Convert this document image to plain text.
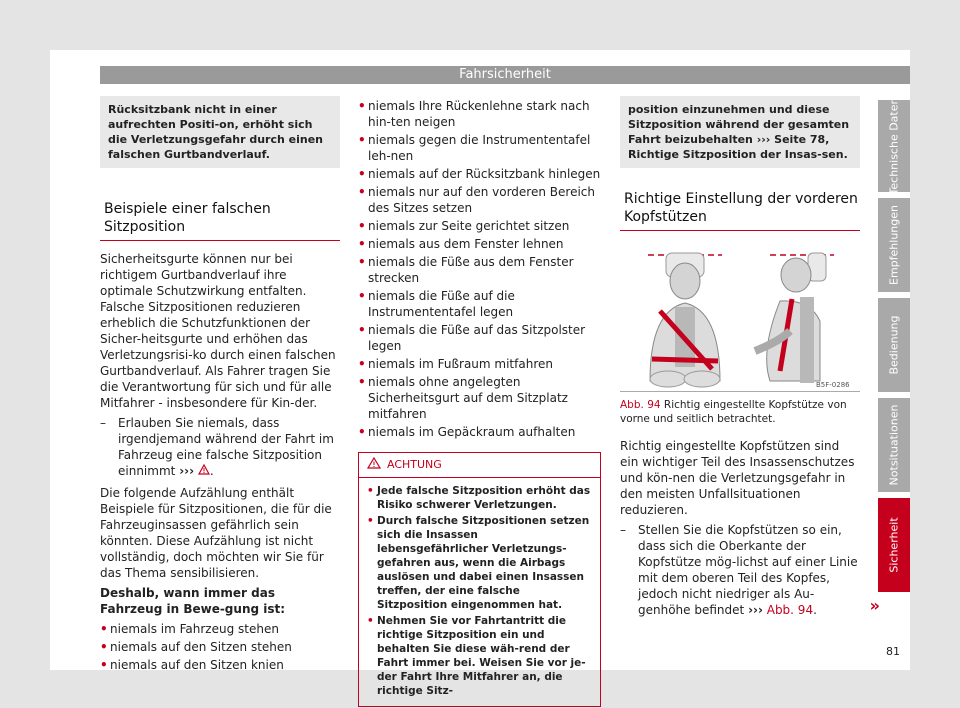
Fahrsicherheit
Rücksitzbank nicht in einer aufrechten Positi-on, erhöht sich die Verletzungsgefahr durch einen falschen Gurtbandverlauf.
Beispiele einer falschen Sitzposition

Sicherheitsgurte können nur bei richtigem Gurtbandverlauf ihre optimale Schutzwirkung entfalten. Falsche Sitzpositionen reduzieren erheblich die Schutzfunktionen der Sicher-heitsgurte und erhöhen das Verletzungsrisi-ko durch einen falschen Gurtbandverlauf. Als Fahrer tragen Sie die Verantwortung für sich und für alle Mitfahrer - insbesondere für Kin-der.

– Erlauben Sie niemals, dass irgendjemand während der Fahrt im Fahrzeug eine falsche Sitzposition einnimmt ››› .

Die folgende Aufzählung enthält Beispiele für Sitzpositionen, die für die Fahrzeuginsassen gefährlich sein könnten. Diese Aufzählung ist nicht vollständig, doch möchten wir Sie für das Thema sensibilisieren.

Deshalb, wann immer das Fahrzeug in Bewe-gung ist:

• niemals im Fahrzeug stehen
• niemals auf den Sitzen stehen
• niemals auf den Sitzen knien
• niemals Ihre Rückenlehne stark nach hin-ten neigen
• niemals gegen die Instrumententafel leh-nen
• niemals auf der Rücksitzbank hinlegen
• niemals nur auf den vorderen Bereich des Sitzes setzen
• niemals zur Seite gerichtet sitzen
• niemals aus dem Fenster lehnen
• niemals die Füße aus dem Fenster strecken
• niemals die Füße auf die Instrumententafel legen
• niemals die Füße auf das Sitzpolster legen
• niemals im Fußraum mitfahren
• niemals ohne angelegten Sicherheitsgurt auf dem Sitzplatz mitfahren
• niemals im Gepäckraum aufhalten
ACHTUNG
• Jede falsche Sitzposition erhöht das Risiko schwerer Verletzungen.
• Durch falsche Sitzpositionen setzen sich die Insassen lebensgefährlicher Verletzungs-gefahren aus, wenn die Airbags auslösen und dabei einen Insassen treffen, der eine falsche Sitzposition eingenommen hat.
• Nehmen Sie vor Fahrtantritt die richtige Sitzposition ein und behalten Sie diese wäh-rend der Fahrt immer bei. Weisen Sie vor je-der Fahrt Ihre Mitfahrer an, die richtige Sitz-
position einzunehmen und diese Sitzposition während der gesamten Fahrt beizubehalten ››› Seite 78, Richtige Sitzposition der Insas-sen.
Richtige Einstellung der vorderen Kopfstützen
B5F-0286
Abb. 94 Richtig eingestellte Kopfstütze von vorne und seitlich betrachtet.

Richtig eingestellte Kopfstützen sind ein wichtiger Teil des Insassenschutzes und kön-nen die Verletzungsgefahr in den meisten Unfallsituationen reduzieren.

– Stellen Sie die Kopfstützen so ein, dass sich die Oberkante der Kopfstütze mög-lichst auf einer Linie mit dem oberen Teil des Kopfes, jedoch nicht niedriger als Au-genhöhe befindet ››› Abb. 94.	»
Technische Daten
Empfehlungen
Bedienung
Notsituationen
Sicherheit
81
